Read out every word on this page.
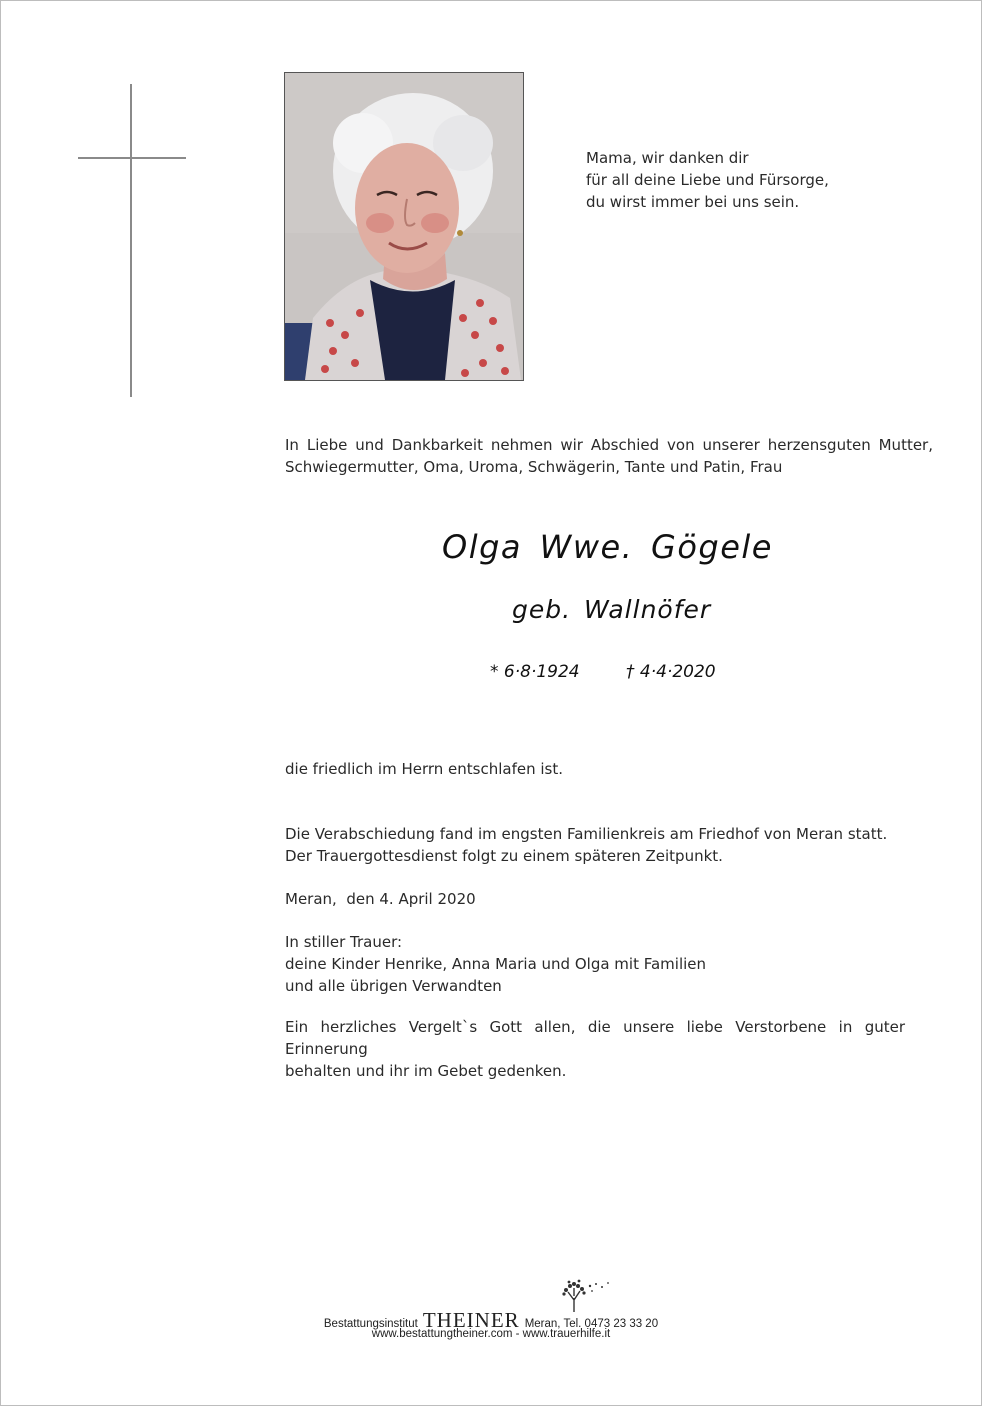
Mama, wir danken dir
für all deine Liebe und Fürsorge,
du wirst immer bei uns sein.
In Liebe und Dankbarkeit nehmen wir Abschied von unserer herzensguten Mutter,
Schwiegermutter, Oma, Uroma, Schwägerin, Tante und Patin, Frau
Olga Wwe. Gögele
geb. Wallnöfer
* 6·8·1924	† 4·4·2020
die friedlich im Herrn entschlafen ist.
Die Verabschiedung fand im engsten Familienkreis am Friedhof von Meran statt.
Der Trauergottesdienst folgt zu einem späteren Zeitpunkt.
Meran,  den 4. April 2020
In stiller Trauer:
deine Kinder Henrike, Anna Maria und Olga mit Familien
und alle übrigen Verwandten
Ein herzliches Vergelt`s Gott allen, die unsere liebe Verstorbene in guter Erinnerung
behalten und ihr im Gebet gedenken.
Bestattungsinstitut THEINER Meran, Tel. 0473 23 33 20
www.bestattungtheiner.com - www.trauerhilfe.it
